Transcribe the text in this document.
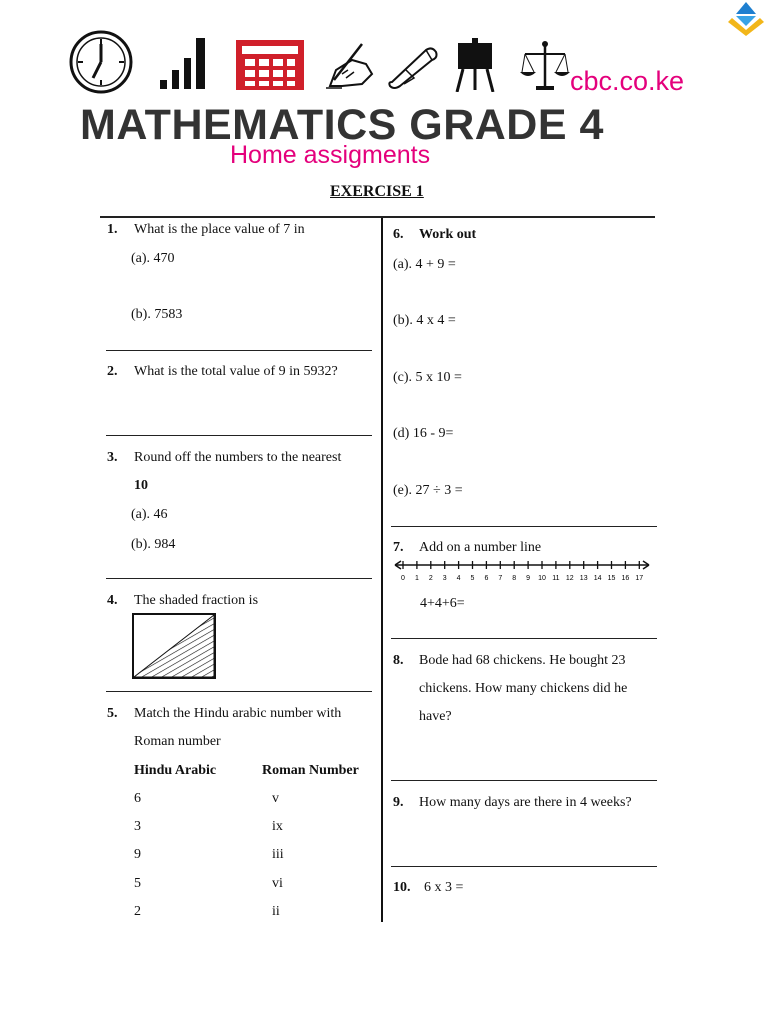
cbc.co.ke
MATHEMATICS GRADE 4
Home assigments
EXERCISE 1
1. What is the place value of 7 in
(a). 470
(b). 7583
2. What is the total value of 9 in 5932?
3. Round off the numbers to the nearest
10
(a). 46
(b). 984
4. The shaded fraction is
5. Match the Hindu arabic number with
Roman number
Hindu Arabic	Roman Number
6
3
9
5
2
v
ix
iii
vi
ii
6. Work out
(a). 4 + 9 =
(b). 4 x 4 =
(c). 5 x 10 =
(d) 16 - 9=
(e). 27 ÷ 3 =
7. Add on a number line
0 1 2 3 4 5 6 7 8 9 10 11 12 13 14 15 16 17
4+4+6=
8. Bode had 68 chickens. He bought 23
chickens. How many chickens did he
have?
9. How many days are there in 4 weeks?
10. 6 x 3 =
